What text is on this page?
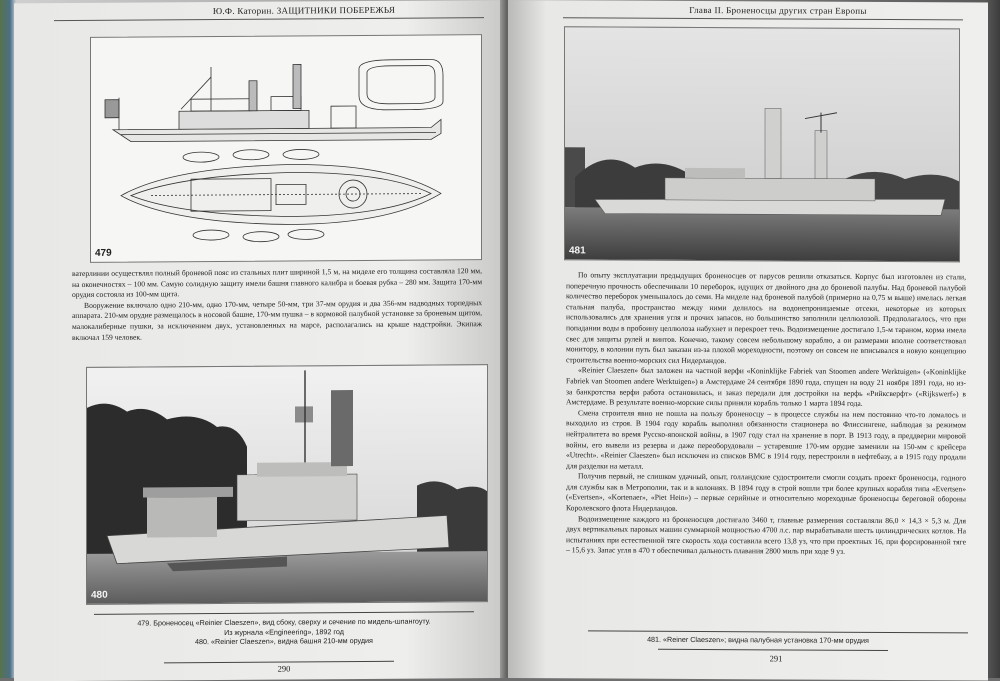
Ю.Ф. Каторин. ЗАЩИТНИКИ ПОБЕРЕЖЬЯ
479

ватерлинии осуществлял полный броневой пояс из стальных плит шириной 1,5 м, на миделе его толщина составляла 120 мм, на оконечностях – 100 мм. Самую солидную защиту имели башня главного калибра и боевая рубка – 280 мм. Защита 170-мм орудия состояла из 100-мм щита.

Вооружение включало одно 210-мм, одно 170-мм, четыре 50-мм, три 37-мм орудия и два 356-мм надводных торпедных аппарата. 210-мм орудие размещалось в носовой башне, 170-мм пушка – в кормовой палубной установке за броневым щитом, малокалиберные пушки, за исключением двух, установленных на марсе, располагались на крыше надстройки. Экипаж включал 159 человек.

480
479. Броненосец «Reinier Claeszen», вид сбоку, сверху и сечение по мидель-шпангоуту.
Из журнала «Engineering», 1892 год
480. «Reinier Claeszen», видна башня 210-мм орудия
290
Глава II. Броненосцы других стран Европы
481

По опыту эксплуатации предыдущих броненосцев от парусов решили отказаться. Корпус был изготовлен из стали, поперечную прочность обеспечивали 10 переборок, идущих от двойного дна до броневой палубы. Над броневой палубой количество переборок уменьшалось до семи. На миделе над броневой палубой (примерно на 0,75 м выше) имелась легкая стальная палуба, пространство между ними делилось на водонепроницаемые отсеки, некоторые из которых использовались для хранения угля и прочих запасов, но большинство заполнили целлюлозой. Предполагалось, что при попадании воды в пробоину целлюлоза набухнет и перекроет течь. Водоизмещение достигало 1,5-м тараном, корма имела свес для защиты рулей и винтов. Конечно, такому совсем небольшому кораблю, а он размерами вполне соответствовал монитору, в колонии путь был заказан из-за плохой мореходности, поэтому он совсем не вписывался в новую концепцию строительства военно-морских сил Нидерландов.

«Reinier Claeszen» был заложен на частной верфи «Koninklijke Fabriek van Stoomen andere Werktuigen» («Koninklijke Fabriek van Stoomen andere Werktuigen») в Амстердаме 24 сентября 1890 года, спущен на воду 21 ноября 1891 года, но из-за банкротства верфи работа остановилась, и заказ передали для достройки на верфь «Рийксверфт» («Rijkswerf») в Амстердаме. В результате военно-морские силы приняли корабль только 1 марта 1894 года.

Смена строителя явно не пошла на пользу броненосцу – в процессе службы на нем постоянно что-то ломалось и выходило из строя. В 1904 году корабль выполнял обязанности стационера во Флиссингене, наблюдая за режимом нейтралитета во время Русско-японской войны, в 1907 году стал на хранение в порт. В 1913 году, в преддверии мировой войны, его вывели из резерва и даже переоборудовали – устаревшие 170-мм орудие заменили на 150-мм с крейсера «Utrecht». «Reinier Claeszen» был исключен из списков ВМС в 1914 году, перестроили в нефтебазу, а в 1915 году продали для разделки на металл.

Получив первый, не слишком удачный, опыт, голландские судостроители смогли создать проект броненосца, годного для службы как в Метрополии, так и в колониях. В 1894 году в строй вошли три более крупных корабля типа «Evertsen» («Evertsen», «Kortenaer», «Piet Hein») – первые серийные и относительно мореходные броненосцы береговой обороны Королевского флота Нидерландов.

Водоизмещение каждого из броненосцев достигало 3460 т, главные размерения составляли 86,0 × 14,3 × 5,3 м. Для двух вертикальных паровых машин суммарной мощностью 4700 л.с. пар вырабатывали шесть цилиндрических котлов. На испытаниях при естественной тяге скорость хода составила всего 13,8 уз, что при проектных 16, при форсированной тяге – 15,6 уз. Запас угля в 470 т обеспечивал дальность плавания 2800 миль при ходе 9 уз.

481. «Reiner Claeszen»; видна палубная установка 170-мм орудия
291
